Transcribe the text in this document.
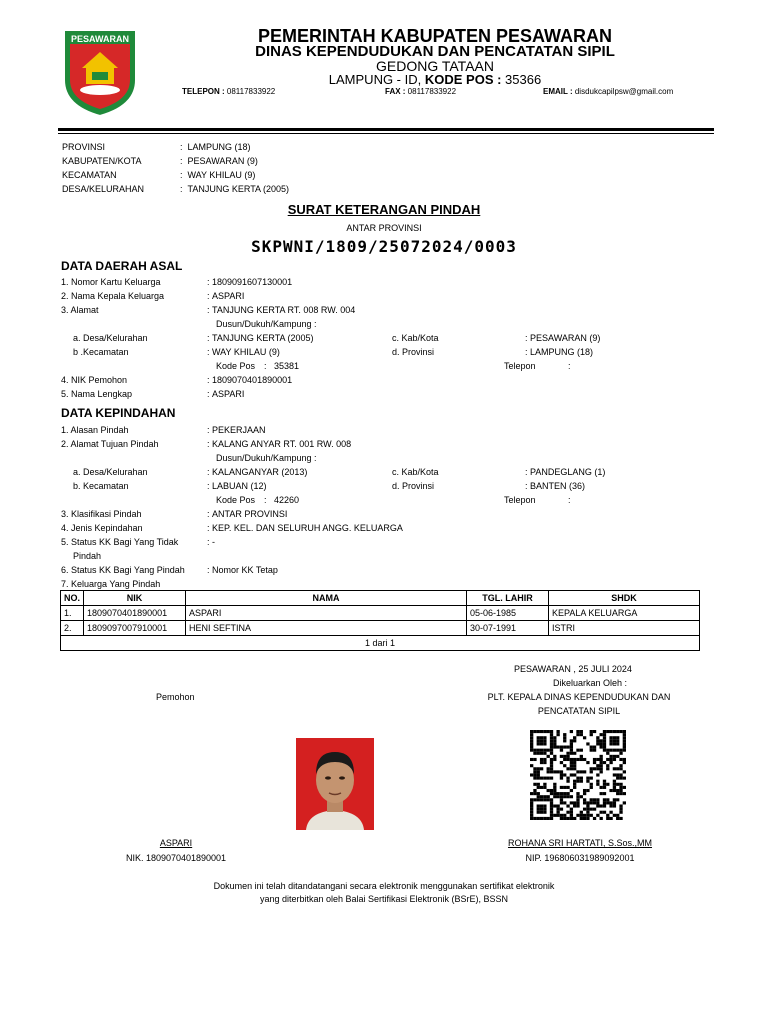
PESAWARAN	PEMERINTAH KABUPATEN PESAWARAN
DINAS KEPENDUDUKAN DAN PENCATATAN SIPIL
GEDONG TATAAN
LAMPUNG - ID, KODE POS : 35366
TELEPON : 08117833922	FAX : 08117833922	EMAIL : disdukcapilpsw@gmail.com
PROVINSI	: LAMPUNG (18)
KABUPATEN/KOTA	: PESAWARAN (9)
KECAMATAN	: WAY KHILAU (9)
DESA/KELURAHAN	: TANJUNG KERTA (2005)
SURAT KETERANGAN PINDAH
ANTAR PROVINSI
SKPWNI/1809/25072024/0003
DATA DAERAH ASAL
1. Nomor Kartu Keluarga	: 1809091607130001
2. Nama Kepala Keluarga	: ASPARI
3. Alamat	: TANJUNG KERTA RT. 008 RW. 004
Dusun/Dukuh/Kampung :
a. Desa/Kelurahan	: TANJUNG KERTA (2005)	c. Kab/Kota	: PESAWARAN (9)
b .Kecamatan	: WAY KHILAU (9)	d. Provinsi	: LAMPUNG (18)
Kode Pos : 35381	Telepon	:
4. NIK Pemohon	: 1809070401890001
5. Nama Lengkap	: ASPARI
DATA KEPINDAHAN
1. Alasan Pindah	: PEKERJAAN
2. Alamat Tujuan Pindah	: KALANG ANYAR RT. 001 RW. 008
Dusun/Dukuh/Kampung :
a. Desa/Kelurahan	: KALANGANYAR (2013)	c. Kab/Kota	: PANDEGLANG (1)
b. Kecamatan	: LABUAN (12)	d. Provinsi	: BANTEN (36)
Kode Pos : 42260	Telepon	:
3. Klasifikasi Pindah	: ANTAR PROVINSI
4. Jenis Kepindahan	: KEP. KEL. DAN SELURUH ANGG. KELUARGA
5. Status KK Bagi Yang Tidak	: -
Pindah
6. Status KK Bagi Yang Pindah	: Nomor KK Tetap
7. Keluarga Yang Pindah
NO.	NIK	NAMA	TGL. LAHIR	SHDK
1.	1809070401890001	ASPARI	05-06-1985	KEPALA KELUARGA
2.	1809097007910001	HENI SEFTINA	30-07-1991	ISTRI
1 dari 1				
PESAWARAN , 25 JULI 2024
Dikeluarkan Oleh :
PLT. KEPALA DINAS KEPENDUDUKAN DAN
PENCATATAN SIPIL
Pemohon
ASPARI
NIK. 1809070401890001
ROHANA SRI HARTATI, S.Sos.,MM
NIP. 196806031989092001
Dokumen ini telah ditandatangani secara elektronik menggunakan sertifikat elektronik
yang diterbitkan oleh Balai Sertifikasi Elektronik (BSrE), BSSN
